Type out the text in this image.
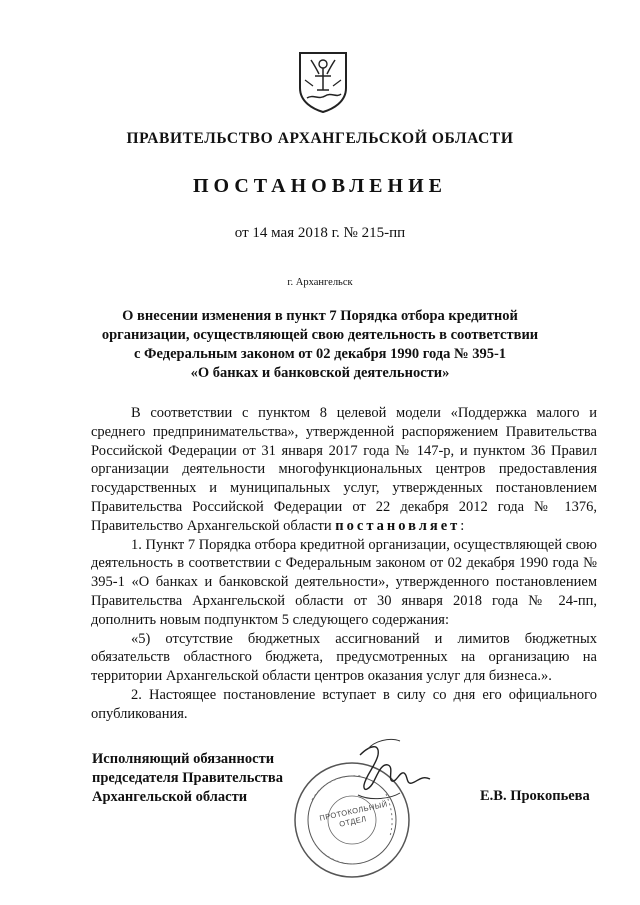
ПРАВИТЕЛЬСТВО АРХАНГЕЛЬСКОЙ ОБЛАСТИ
ПОСТАНОВЛЕНИЕ
от 14 мая 2018 г. № 215-пп
г. Архангельск
О внесении изменения в пункт 7 Порядка отбора кредитной
организации, осуществляющей свою деятельность в соответствии
с Федеральным законом от 02 декабря 1990 года № 395-1
«О банках и банковской деятельности»

В соответствии с пунктом 8 целевой модели «Поддержка малого и среднего предпринимательства», утвержденной распоряжением Правительства Российской Федерации от 31 января 2017 года № 147-р, и пунктом 36 Правил организации деятельности многофункциональных центров предоставления государственных и муниципальных услуг, утвержденных постановлением Правительства Российской Федерации от 22 декабря 2012 года № 1376, Правительство Архангельской области постановляет:

1. Пункт 7 Порядка отбора кредитной организации, осуществляющей свою деятельность в соответствии с Федеральным законом от 02 декабря 1990 года № 395-1 «О банках и банковской деятельности», утвержденного постановлением Правительства Архангельской области от 30 января 2018 года № 24-пп, дополнить новым подпунктом 5 следующего содержания:

«5) отсутствие бюджетных ассигнований и лимитов бюджетных обязательств областного бюджета, предусмотренных на организацию на территории Архангельской области центров оказания услуг для бизнеса.».

2. Настоящее постановление вступает в силу со дня его официального опубликования.

Исполняющий обязанности
председателя Правительства
Архангельской области
ПРОТОКОЛЬНЫЙ ОТДЕЛ
Е.В. Прокопьева
